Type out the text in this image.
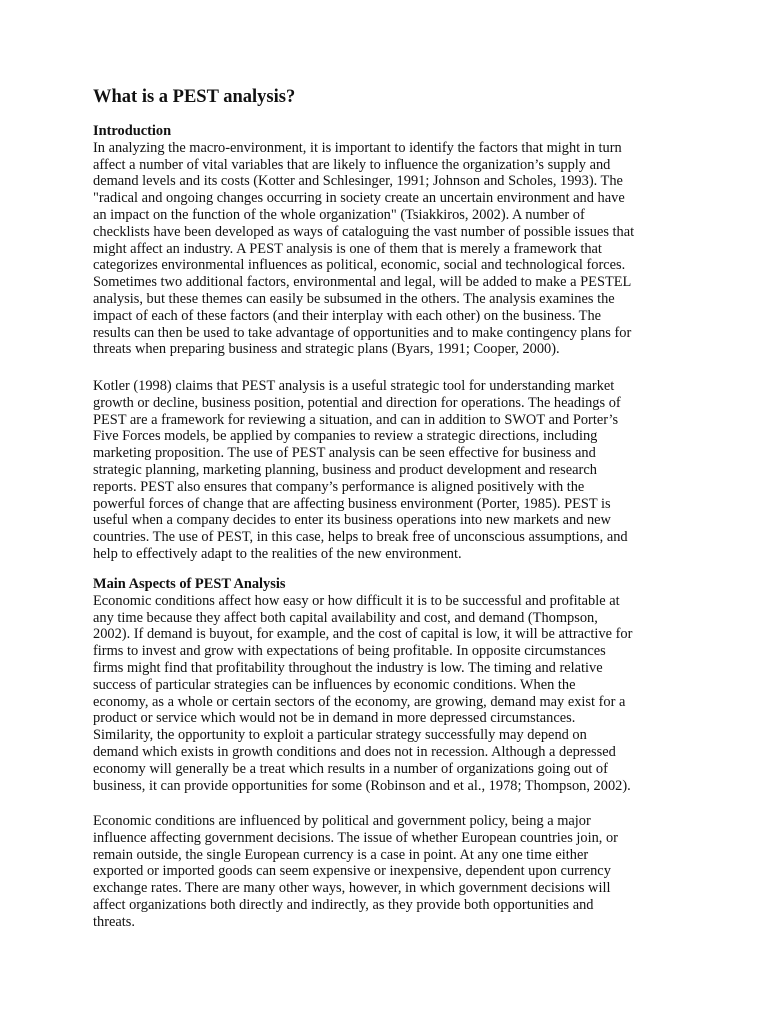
What is a PEST analysis?

Introduction

In analyzing the macro-environment, it is important to identify the factors that might in turn
affect a number of vital variables that are likely to influence the organization’s supply and
demand levels and its costs (Kotter and Schlesinger, 1991; Johnson and Scholes, 1993). The
"radical and ongoing changes occurring in society create an uncertain environment and have
an impact on the function of the whole organization" (Tsiakkiros, 2002). A number of
checklists have been developed as ways of cataloguing the vast number of possible issues that
might affect an industry. A PEST analysis is one of them that is merely a framework that
categorizes environmental influences as political, economic, social and technological forces.
Sometimes two additional factors, environmental and legal, will be added to make a PESTEL
analysis, but these themes can easily be subsumed in the others. The analysis examines the
impact of each of these factors (and their interplay with each other) on the business. The
results can then be used to take advantage of opportunities and to make contingency plans for
threats when preparing business and strategic plans (Byars, 1991; Cooper, 2000).

Kotler (1998) claims that PEST analysis is a useful strategic tool for understanding market
growth or decline, business position, potential and direction for operations. The headings of
PEST are a framework for reviewing a situation, and can in addition to SWOT and Porter’s
Five Forces models, be applied by companies to review a strategic directions, including
marketing proposition. The use of PEST analysis can be seen effective for business and
strategic planning, marketing planning, business and product development and research
reports. PEST also ensures that company’s performance is aligned positively with the
powerful forces of change that are affecting business environment (Porter, 1985). PEST is
useful when a company decides to enter its business operations into new markets and new
countries. The use of PEST, in this case, helps to break free of unconscious assumptions, and
help to effectively adapt to the realities of the new environment.

Main Aspects of PEST Analysis

Economic conditions affect how easy or how difficult it is to be successful and profitable at
any time because they affect both capital availability and cost, and demand (Thompson,
2002). If demand is buyout, for example, and the cost of capital is low, it will be attractive for
firms to invest and grow with expectations of being profitable. In opposite circumstances
firms might find that profitability throughout the industry is low. The timing and relative
success of particular strategies can be influences by economic conditions. When the
economy, as a whole or certain sectors of the economy, are growing, demand may exist for a
product or service which would not be in demand in more depressed circumstances.
Similarity, the opportunity to exploit a particular strategy successfully may depend on
demand which exists in growth conditions and does not in recession. Although a depressed
economy will generally be a treat which results in a number of organizations going out of
business, it can provide opportunities for some (Robinson and et al., 1978; Thompson, 2002).

Economic conditions are influenced by political and government policy, being a major
influence affecting government decisions. The issue of whether European countries join, or
remain outside, the single European currency is a case in point. At any one time either
exported or imported goods can seem expensive or inexpensive, dependent upon currency
exchange rates. There are many other ways, however, in which government decisions will
affect organizations both directly and indirectly, as they provide both opportunities and
threats.
